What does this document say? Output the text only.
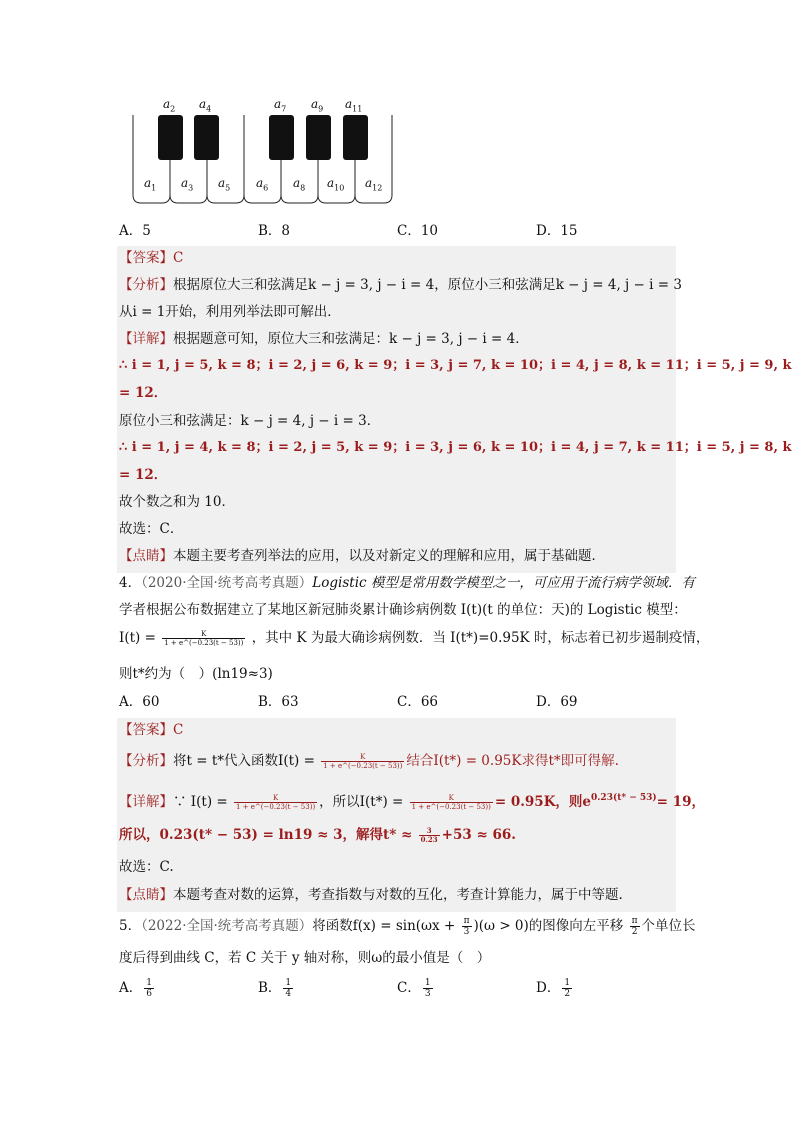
$a_2$ $a_4$	$a_7$ $a_9$ $a_{11}$
$a_1$ $a_3$ $a_5$ $a_6$ $a_8$ $a_{10}$ $a_{12}$
A．5	B．8	C．10	D．15
【答案】C
【分析】根据原位大三和弦满足k − j = 3, j − i = 4，原位小三和弦满足k − j = 4, j − i = 3
从i = 1开始，利用列举法即可解出．
【详解】根据题意可知，原位大三和弦满足：k − j = 3, j − i = 4．
∴ i = 1, j = 5, k = 8；i = 2, j = 6, k = 9；i = 3, j = 7, k = 10；i = 4, j = 8, k = 11；i = 5, j = 9, k
= 12．
原位小三和弦满足：k − j = 4, j − i = 3．
∴ i = 1, j = 4, k = 8；i = 2, j = 5, k = 9；i = 3, j = 6, k = 10；i = 4, j = 7, k = 11；i = 5, j = 8, k
= 12．
故个数之和为 10．
故选：C．
【点睛】本题主要考查列举法的应用，以及对新定义的理解和应用，属于基础题．
4．（2020·全国·统考高考真题）Logistic 模型是常用数学模型之一，可应用于流行病学领域．有
学者根据公布数据建立了某地区新冠肺炎累计确诊病例数 I(t)(t 的单位：天)的 Logistic 模型：
$I(t) = \frac{K}{1 + e\^{}(-0.23(t - 53))}$ ，其中 K 为最大确诊病例数．当 I(t*)=0.95K 时，标志着已初步遏制疫情，
则t*约为（　）(ln19≈3)
A．60	B．63	C．66	D．69
【答案】C
【分析】将t = t*代入函数$I(t) = \frac{K}{1 + e\^{}(-0.23(t - 53))}$ 结合I(t*) = 0.95K求得t*即可得解.
【详解】∵ $I(t) = \frac{K}{1 + e\^{}(-0.23(t - 53))}$ ，所以$I(t*) = \frac{K}{1 + e\^{}(-0.23(t - 53))} = 0.95K$，则$e^{0.23(t* - 53)}= 19$，
所以，0.23(t* − 53) = ln19 ≈ 3，解得$t* \approx \frac{3}{0.23} +53 \approx 66$.
故选：C.
【点睛】本题考查对数的运算，考查指数与对数的互化，考查计算能力，属于中等题.
5．（2022·全国·统考高考真题）将函数$f(x) = \sin(\omega x + \frac{\pi}{3} )(\omega > 0)$的图像向左平移 $\frac{\pi}{2}$ 个单位长
度后得到曲线 C，若 C 关于 y 轴对称，则ω的最小值是（　）
A． $\frac{1}{6}$	B． $\frac{1}{4}$	C． $\frac{1}{3}$	D． $\frac{1}{2}$
